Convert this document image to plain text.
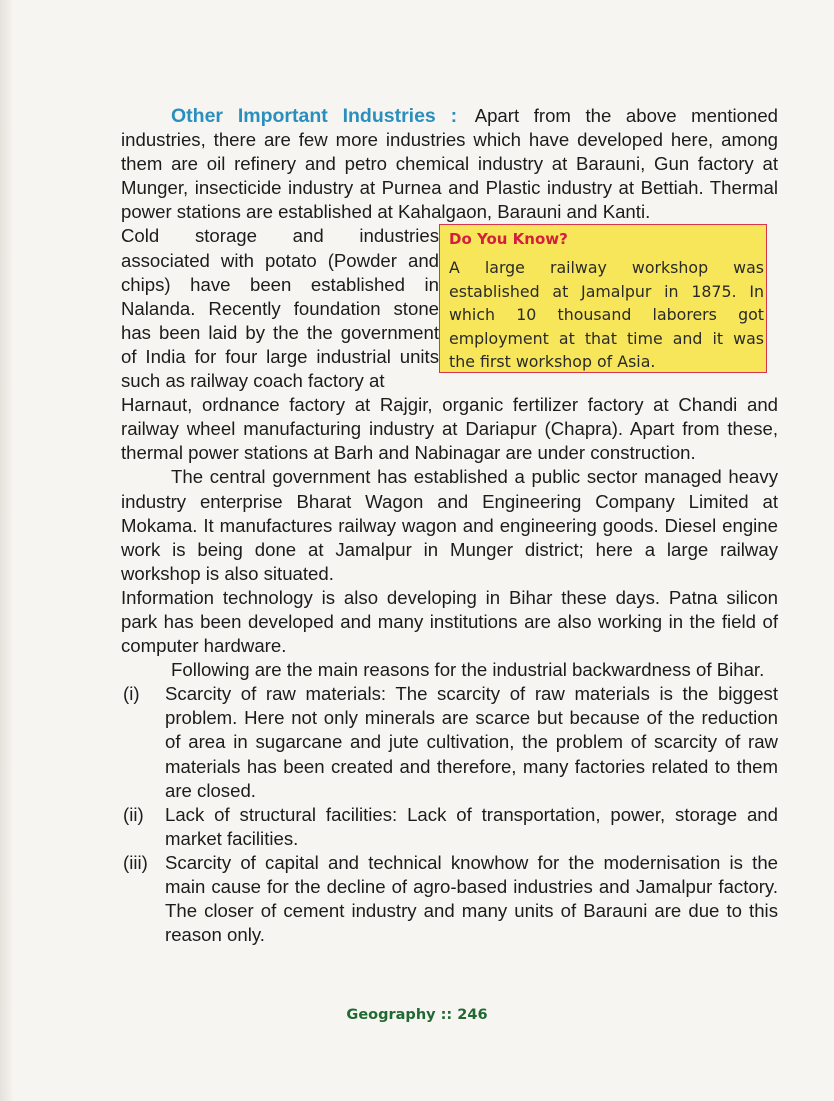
Other Important Industries : Apart from the above mentioned industries, there are few more industries which have developed here, among them are oil refinery and petro chemical industry at Barauni, Gun factory at Munger, insecticide industry at Purnea and Plastic industry at Bettiah. Thermal power stations are established at Kahalgaon, Barauni and Kanti.

Cold storage and industries associated with potato (Powder and chips) have been established in Nalanda. Recently foundation stone has been laid by the the government of India for four large industrial units such as railway coach factory at

Do You Know?
A large railway workshop was established at Jamalpur in 1875. In which 10 thousand laborers got employment at that time and it was the first workshop of Asia.

Harnaut, ordnance factory at Rajgir, organic fertilizer factory at Chandi and railway wheel manufacturing industry at Dariapur (Chapra). Apart from these, thermal power stations at Barh and Nabinagar are under construction.

The central government has established a public sector managed heavy industry enterprise Bharat Wagon and Engineering Company Limited at Mokama. It manufactures railway wagon and engineering goods. Diesel engine work is being done at Jamalpur in Munger district; here a large railway workshop is also situated.

Information technology is also developing in Bihar these days. Patna silicon park has been developed and many institutions are also working in the field of computer hardware.

Following are the main reasons for the industrial backwardness of Bihar.

(i) Scarcity of raw materials: The scarcity of raw materials is the biggest problem. Here not only minerals are scarce but because of the reduction of area in sugarcane and jute cultivation, the problem of scarcity of raw materials has been created and therefore, many factories related to them are closed.
(ii) Lack of structural facilities: Lack of transportation, power, storage and market facilities.
(iii) Scarcity of capital and technical knowhow for the modernisation is the main cause for the decline of agro-based industries and Jamalpur factory. The closer of cement industry and many units of Barauni are due to this reason only.
Geography :: 246
